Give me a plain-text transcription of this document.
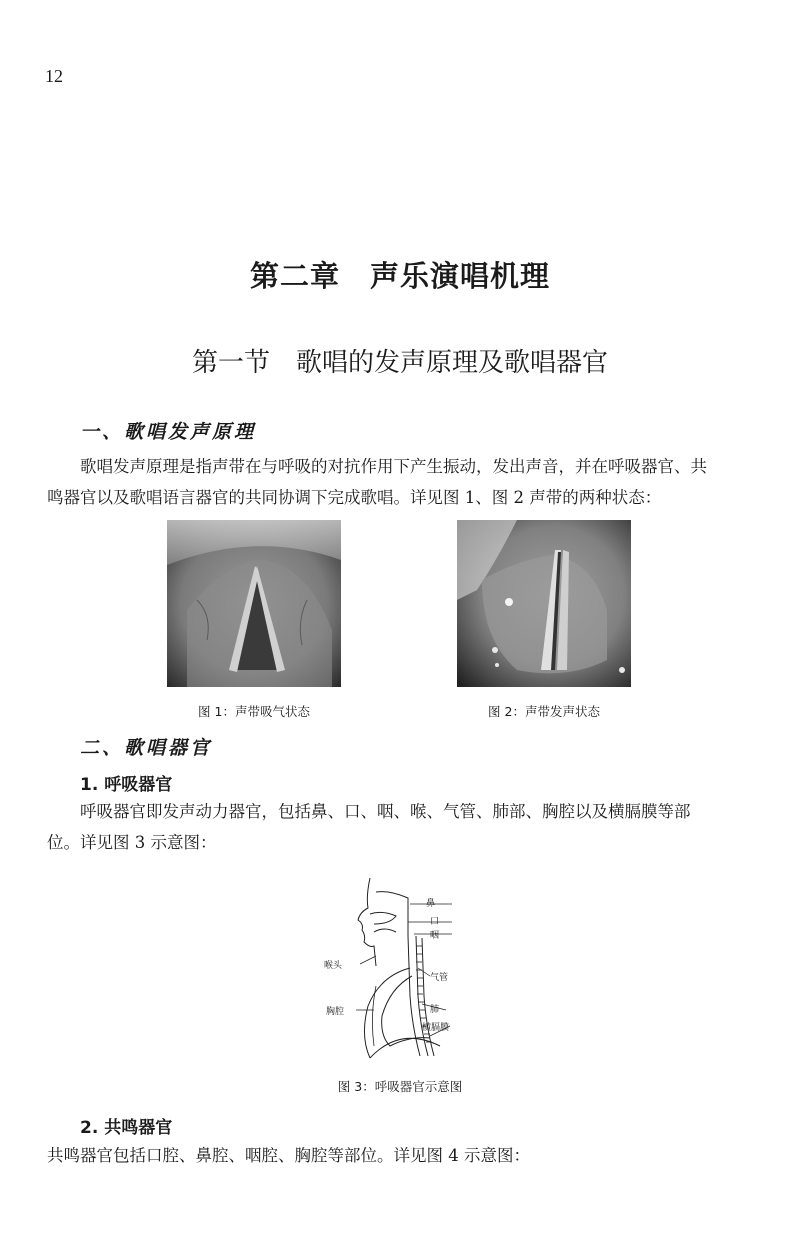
12
第二章 声乐演唱机理
第一节 歌唱的发声原理及歌唱器官
一、歌唱发声原理
歌唱发声原理是指声带在与呼吸的对抗作用下产生振动，发出声音，并在呼吸器官、共
鸣器官以及歌唱语言器官的共同协调下完成歌唱。详见图 1、图 2 声带的两种状态：
图 1：声带吸气状态	图 2：声带发声状态
二、歌唱器官
1. 呼吸器官
呼吸器官即发声动力器官，包括鼻、口、咽、喉、气管、肺部、胸腔以及横膈膜等部
位。详见图 3 示意图：
鼻
口
咽
喉头
气管
胸腔	肺
横膈膜
图 3：呼吸器官示意图
2. 共鸣器官
共鸣器官包括口腔、鼻腔、咽腔、胸腔等部位。详见图 4 示意图：
